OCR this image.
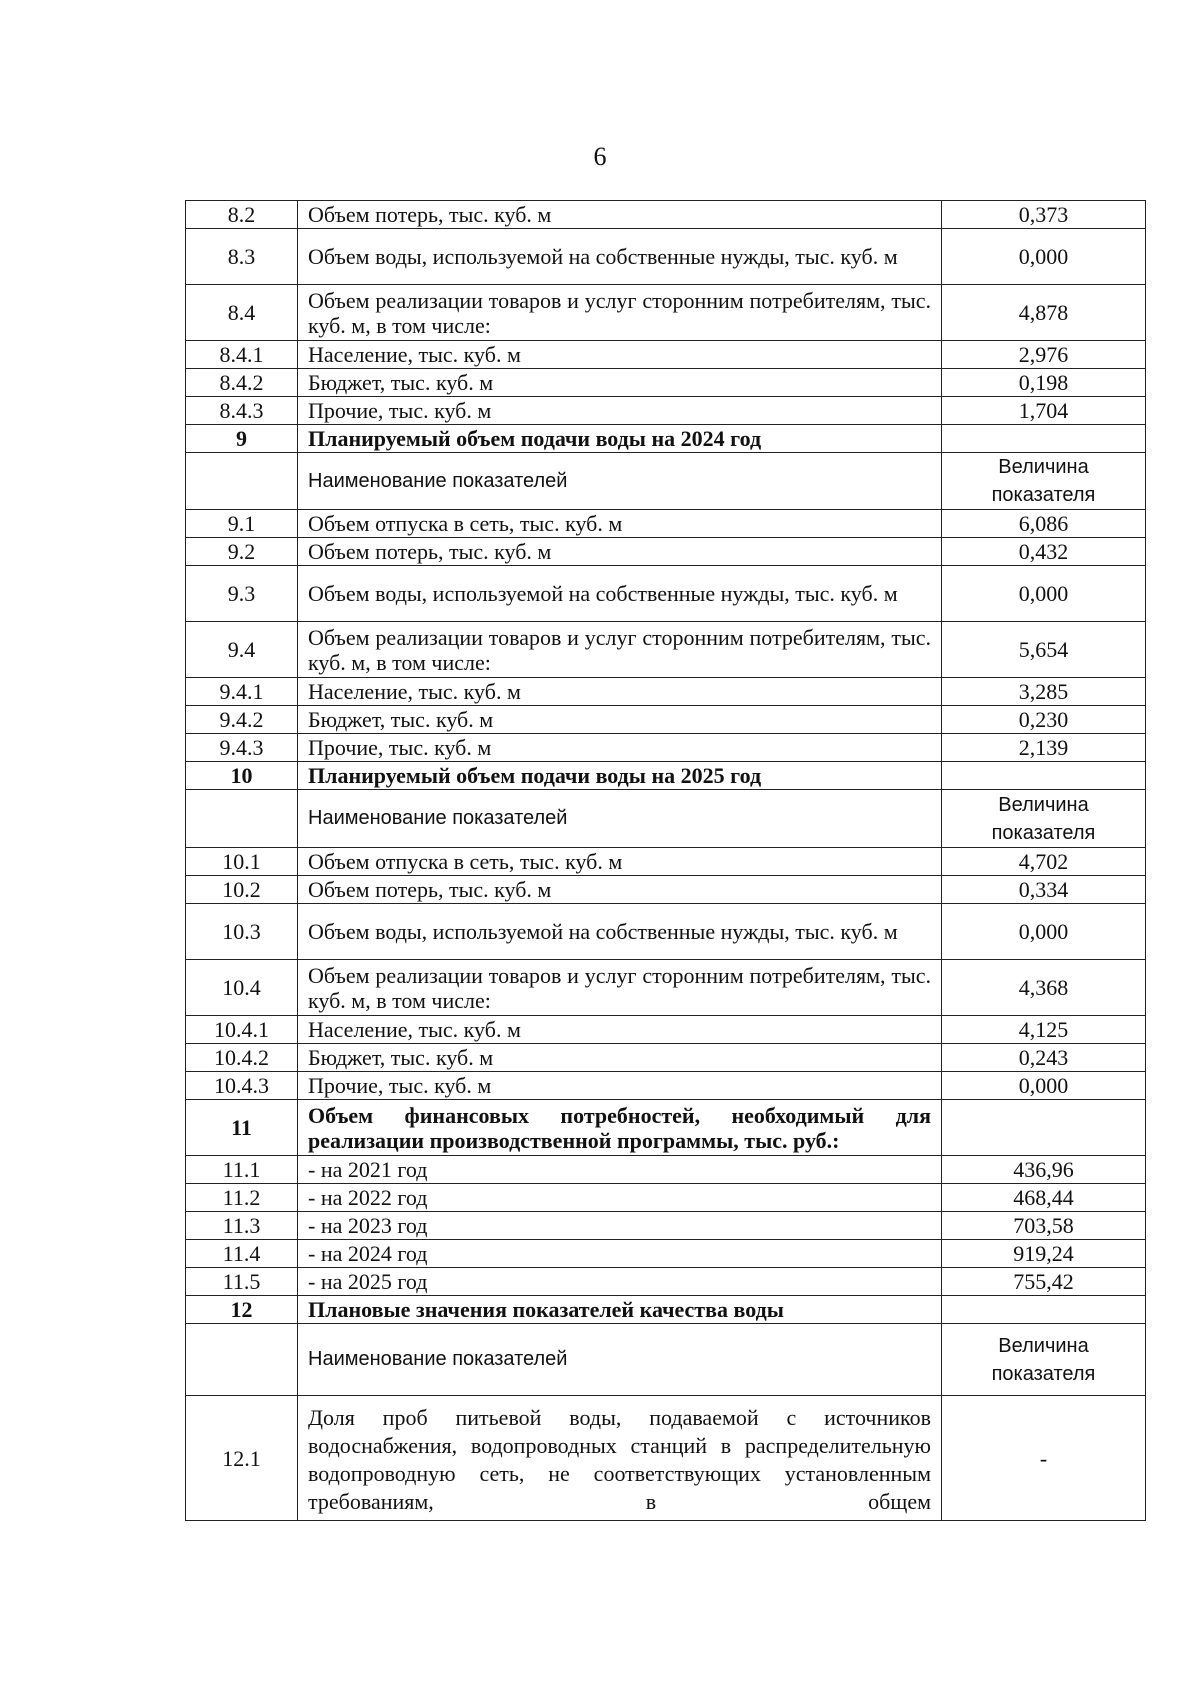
6
8.2	Объем потерь, тыс. куб. м	0,373
8.3	Объем воды, используемой на собственные нужды, тыс. куб. м	0,000
8.4	Объем реализации товаров и услуг сторонним потребителям, тыс. куб. м, в том числе:	4,878
8.4.1	Население, тыс. куб. м	2,976
8.4.2	Бюджет, тыс. куб. м	0,198
8.4.3	Прочие, тыс. куб. м	1,704
9	Планируемый объем подачи воды на 2024 год	
	Наименование показателей	Величина показателя
9.1	Объем отпуска в сеть, тыс. куб. м	6,086
9.2	Объем потерь, тыс. куб. м	0,432
9.3	Объем воды, используемой на собственные нужды, тыс. куб. м	0,000
9.4	Объем реализации товаров и услуг сторонним потребителям, тыс. куб. м, в том числе:	5,654
9.4.1	Население, тыс. куб. м	3,285
9.4.2	Бюджет, тыс. куб. м	0,230
9.4.3	Прочие, тыс. куб. м	2,139
10	Планируемый объем подачи воды на 2025 год	
	Наименование показателей	Величина показателя
10.1	Объем отпуска в сеть, тыс. куб. м	4,702
10.2	Объем потерь, тыс. куб. м	0,334
10.3	Объем воды, используемой на собственные нужды, тыс. куб. м	0,000
10.4	Объем реализации товаров и услуг сторонним потребителям, тыс. куб. м, в том числе:	4,368
10.4.1	Население, тыс. куб. м	4,125
10.4.2	Бюджет, тыс. куб. м	0,243
10.4.3	Прочие, тыс. куб. м	0,000
11	Объем финансовых потребностей, необходимый для реализации производственной программы, тыс. руб.:	
11.1	- на 2021 год	436,96
11.2	- на 2022 год	468,44
11.3	- на 2023 год	703,58
11.4	- на 2024 год	919,24
11.5	- на 2025 год	755,42
12	Плановые значения показателей качества воды	
	Наименование показателей	Величина показателя
12.1	Доля проб питьевой воды, подаваемой с источников водоснабжения, водопроводных станций в распределительную водопроводную сеть, не соответствующих установленным требованиям, в общем	-
